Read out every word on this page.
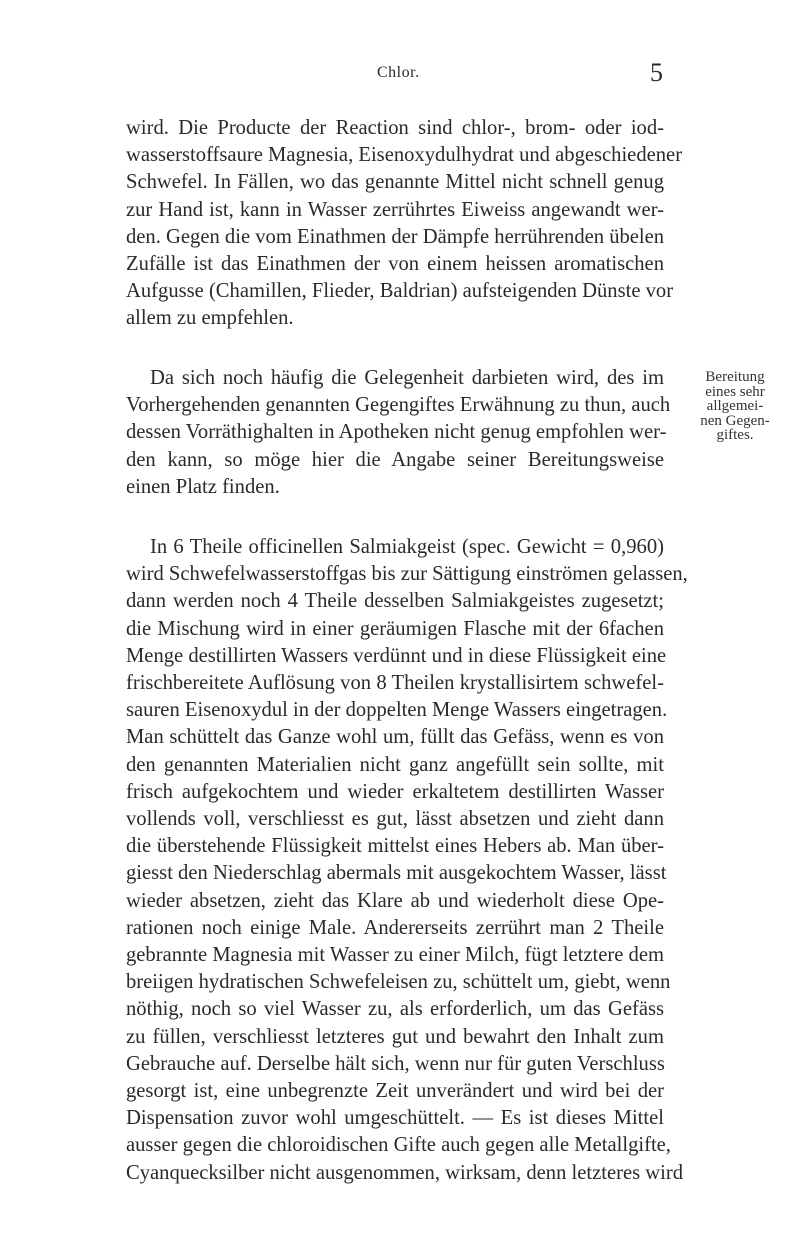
Chlor.	5
wird. Die Producte der Reaction sind chlor-, brom- oder iod-
wasserstoffsaure Magnesia, Eisenoxydulhydrat und abgeschiedener
Schwefel. In Fällen, wo das genannte Mittel nicht schnell genug
zur Hand ist, kann in Wasser zerrührtes Eiweiss angewandt wer-
den. Gegen die vom Einathmen der Dämpfe herrührenden übelen
Zufälle ist das Einathmen der von einem heissen aromatischen
Aufgusse (Chamillen, Flieder, Baldrian) aufsteigenden Dünste vor
allem zu empfehlen.
Da sich noch häufig die Gelegenheit darbieten wird, des im
Vorhergehenden genannten Gegengiftes Erwähnung zu thun, auch
dessen Vorräthighalten in Apotheken nicht genug empfohlen wer-
den kann, so möge hier die Angabe seiner Bereitungsweise
einen Platz finden.
Bereitung
eines sehr
allgemei-
nen Gegen-
giftes.
In 6 Theile officinellen Salmiakgeist (spec. Gewicht = 0,960)
wird Schwefelwasserstoffgas bis zur Sättigung einströmen gelassen,
dann werden noch 4 Theile desselben Salmiakgeistes zugesetzt;
die Mischung wird in einer geräumigen Flasche mit der 6fachen
Menge destillirten Wassers verdünnt und in diese Flüssigkeit eine
frischbereitete Auflösung von 8 Theilen krystallisirtem schwefel-
sauren Eisenoxydul in der doppelten Menge Wassers eingetragen.
Man schüttelt das Ganze wohl um, füllt das Gefäss, wenn es von
den genannten Materialien nicht ganz angefüllt sein sollte, mit
frisch aufgekochtem und wieder erkaltetem destillirten Wasser
vollends voll, verschliesst es gut, lässt absetzen und zieht dann
die überstehende Flüssigkeit mittelst eines Hebers ab. Man über-
giesst den Niederschlag abermals mit ausgekochtem Wasser, lässt
wieder absetzen, zieht das Klare ab und wiederholt diese Ope-
rationen noch einige Male. Andererseits zerrührt man 2 Theile
gebrannte Magnesia mit Wasser zu einer Milch, fügt letztere dem
breiigen hydratischen Schwefeleisen zu, schüttelt um, giebt, wenn
nöthig, noch so viel Wasser zu, als erforderlich, um das Gefäss
zu füllen, verschliesst letzteres gut und bewahrt den Inhalt zum
Gebrauche auf. Derselbe hält sich, wenn nur für guten Verschluss
gesorgt ist, eine unbegrenzte Zeit unverändert und wird bei der
Dispensation zuvor wohl umgeschüttelt. — Es ist dieses Mittel
ausser gegen die chloroidischen Gifte auch gegen alle Metallgifte,
Cyanquecksilber nicht ausgenommen, wirksam, denn letzteres wird
